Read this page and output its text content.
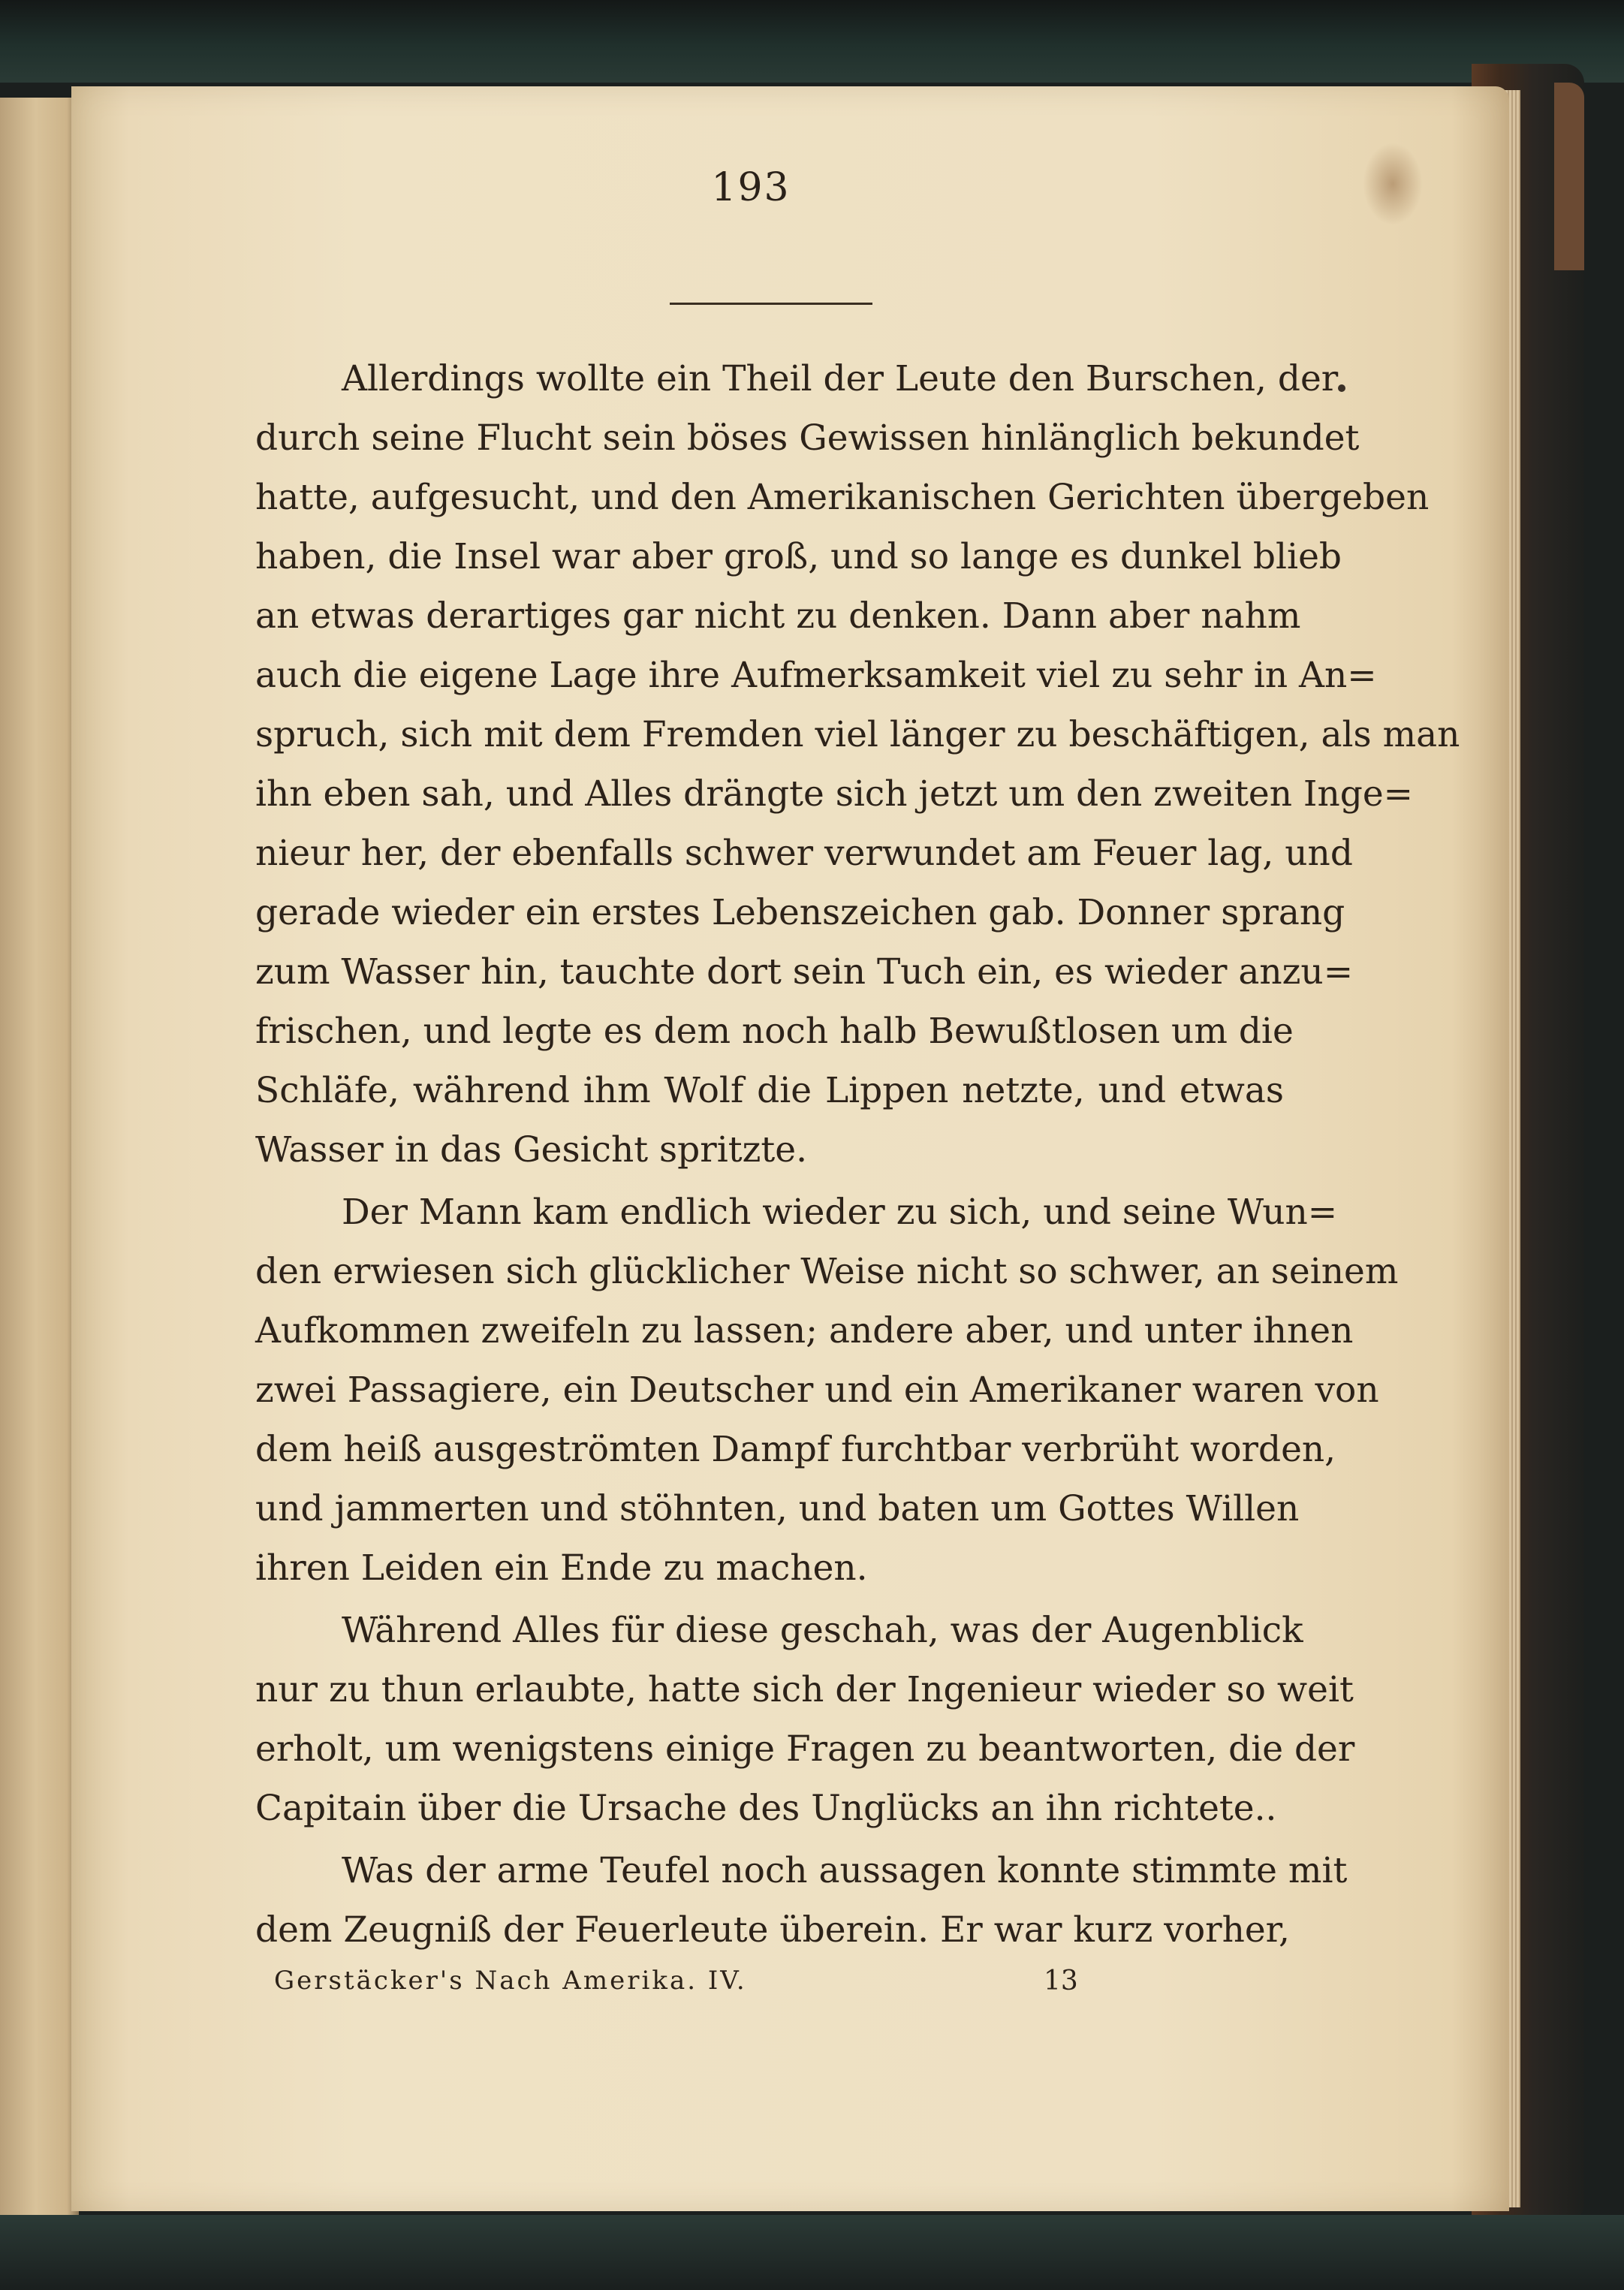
193
Allerdings wollte ein Theil der Leute den Burschen, der
durch seine Flucht sein böses Gewissen hinlänglich bekundet
hatte, aufgesucht, und den Amerikanischen Gerichten übergeben
haben, die Insel war aber groß, und so lange es dunkel blieb
an etwas derartiges gar nicht zu denken. Dann aber nahm
auch die eigene Lage ihre Aufmerksamkeit viel zu sehr in An=
spruch, sich mit dem Fremden viel länger zu beschäftigen, als man
ihn eben sah, und Alles drängte sich jetzt um den zweiten Inge=
nieur her, der ebenfalls schwer verwundet am Feuer lag, und
gerade wieder ein erstes Lebenszeichen gab. Donner sprang
zum Wasser hin, tauchte dort sein Tuch ein, es wieder anzu=
frischen, und legte es dem noch halb Bewußtlosen um die
Schläfe, während ihm Wolf die Lippen netzte, und etwas
Wasser in das Gesicht spritzte.
Der Mann kam endlich wieder zu sich, und seine Wun=
den erwiesen sich glücklicher Weise nicht so schwer, an seinem
Aufkommen zweifeln zu lassen; andere aber, und unter ihnen
zwei Passagiere, ein Deutscher und ein Amerikaner waren von
dem heiß ausgeströmten Dampf furchtbar verbrüht worden,
und jammerten und stöhnten, und baten um Gottes Willen
ihren Leiden ein Ende zu machen.
Während Alles für diese geschah, was der Augenblick
nur zu thun erlaubte, hatte sich der Ingenieur wieder so weit
erholt, um wenigstens einige Fragen zu beantworten, die der
Capitain über die Ursache des Unglücks an ihn richtete..
Was der arme Teufel noch aussagen konnte stimmte mit
dem Zeugniß der Feuerleute überein. Er war kurz vorher,
Gerstäcker's Nach Amerika. IV.	13
